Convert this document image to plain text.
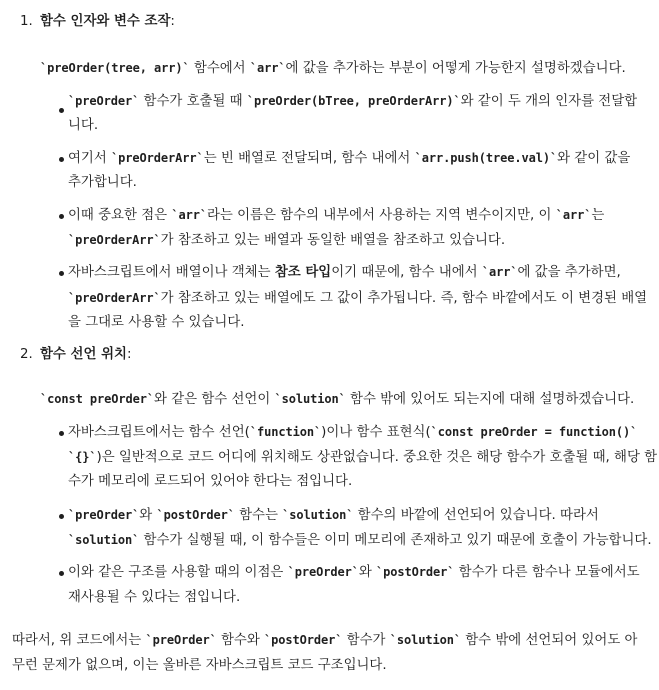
1. 함수 인자와 변수 조작:
`preOrder(tree, arr)` 함수에서 `arr`에 값을 추가하는 부분이 어떻게 가능한지 설명하겠습니다.
`preOrder` 함수가 호출될 때 `preOrder(bTree, preOrderArr)`와 같이 두 개의 인자를 전달합
니다.
여기서 `preOrderArr`는 빈 배열로 전달되며, 함수 내에서 `arr.push(tree.val)`와 같이 값을
추가합니다.
이때 중요한 점은 `arr`라는 이름은 함수의 내부에서 사용하는 지역 변수이지만, 이 `arr`는
`preOrderArr`가 참조하고 있는 배열과 동일한 배열을 참조하고 있습니다.
자바스크립트에서 배열이나 객체는 참조 타입이기 때문에, 함수 내에서 `arr`에 값을 추가하면,
`preOrderArr`가 참조하고 있는 배열에도 그 값이 추가됩니다. 즉, 함수 바깥에서도 이 변경된 배열
을 그대로 사용할 수 있습니다.
2. 함수 선언 위치:
`const preOrder`와 같은 함수 선언이 `solution` 함수 밖에 있어도 되는지에 대해 설명하겠습니다.
자바스크립트에서는 함수 선언(`function`)이나 함수 표현식(`const preOrder = function()`
`{}`)은 일반적으로 코드 어디에 위치해도 상관없습니다. 중요한 것은 해당 함수가 호출될 때, 해당 함
수가 메모리에 로드되어 있어야 한다는 점입니다.
`preOrder`와 `postOrder` 함수는 `solution` 함수의 바깥에 선언되어 있습니다. 따라서
`solution` 함수가 실행될 때, 이 함수들은 이미 메모리에 존재하고 있기 때문에 호출이 가능합니다.
이와 같은 구조를 사용할 때의 이점은 `preOrder`와 `postOrder` 함수가 다른 함수나 모듈에서도
재사용될 수 있다는 점입니다.
따라서, 위 코드에서는 `preOrder` 함수와 `postOrder` 함수가 `solution` 함수 밖에 선언되어 있어도 아
무런 문제가 없으며, 이는 올바른 자바스크립트 코드 구조입니다.
